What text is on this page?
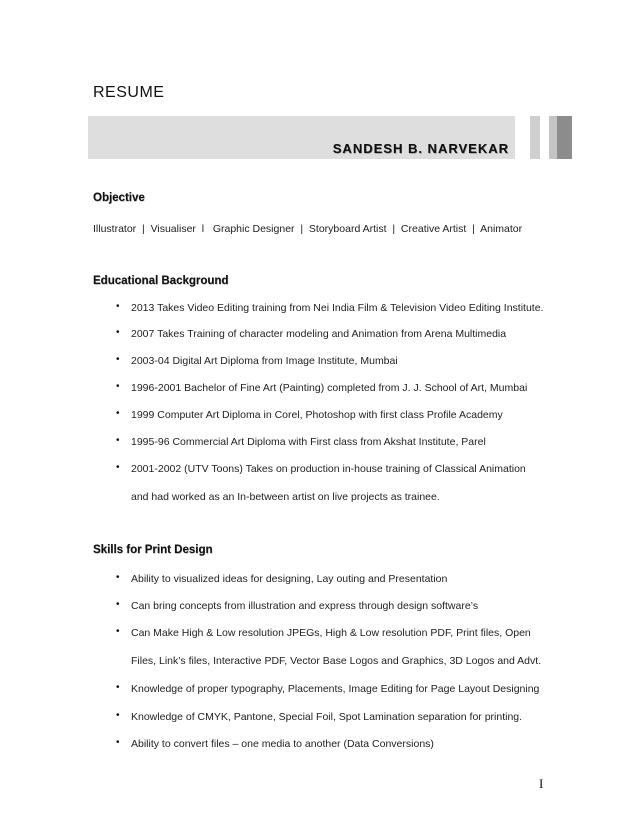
RESUME
SANDESH B. NARVEKAR
Objective
Illustrator  |  Visualiser  l   Graphic Designer  |  Storyboard Artist  |  Creative Artist  |  Animator
Educational Background
• 2013 Takes Video Editing training from Nei India Film & Television Video Editing Institute.
• 2007 Takes Training of character modeling and Animation from Arena Multimedia
• 2003-04 Digital Art Diploma from Image Institute, Mumbai
• 1996-2001 Bachelor of Fine Art (Painting) completed from J. J. School of Art, Mumbai
• 1999 Computer Art Diploma in Corel, Photoshop with first class Profile Academy
• 1995-96 Commercial Art Diploma with First class from Akshat Institute, Parel
• 2001-2002 (UTV Toons) Takes on production in-house training of Classical Animation
and had worked as an In-between artist on live projects as trainee.
Skills for Print Design
• Ability to visualized ideas for designing, Lay outing and Presentation
• Can bring concepts from illustration and express through design software’s
• Can Make High & Low resolution JPEGs, High & Low resolution PDF, Print files, Open
Files, Link’s files, Interactive PDF, Vector Base Logos and Graphics, 3D Logos and Advt.
• Knowledge of proper typography, Placements, Image Editing for Page Layout Designing
• Knowledge of CMYK, Pantone, Special Foil, Spot Lamination separation for printing.
• Ability to convert files – one media to another (Data Conversions)
I
